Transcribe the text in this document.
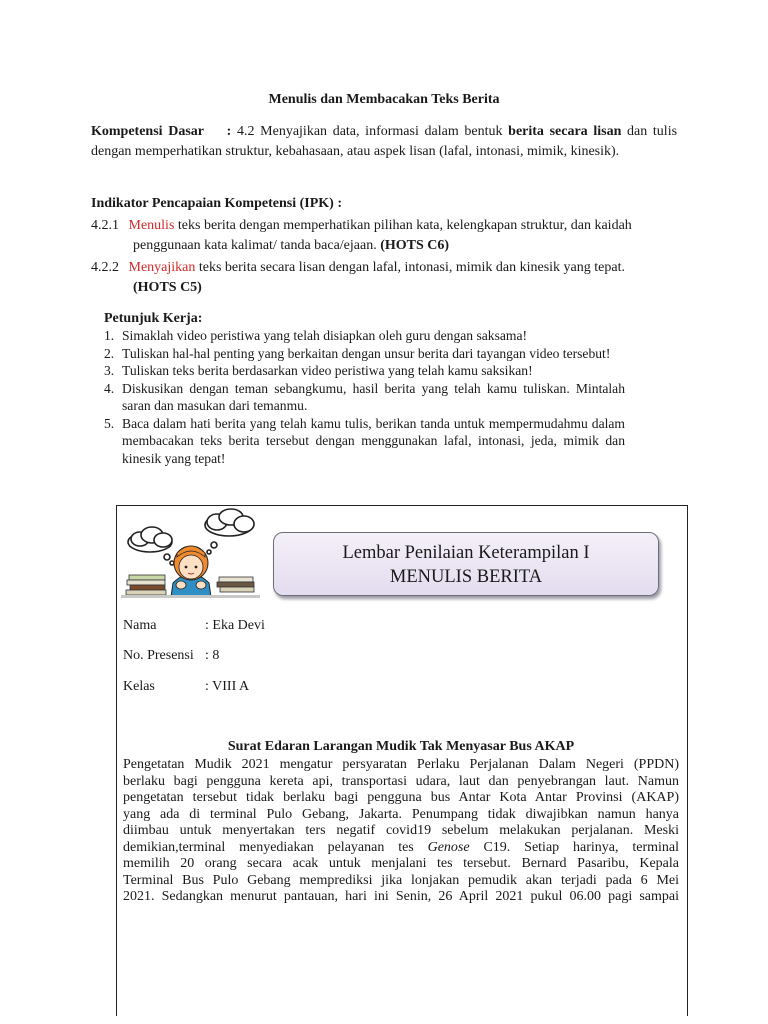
Menulis dan Membacakan Teks Berita
Kompetensi Dasar : 4.2 Menyajikan data, informasi dalam bentuk berita secara lisan dan tulis dengan memperhatikan struktur, kebahasaan, atau aspek lisan (lafal, intonasi, mimik, kinesik).
Indikator Pencapaian Kompetensi (IPK) :
4.2.1 Menulis teks berita dengan memperhatikan pilihan kata, kelengkapan struktur, dan kaidah
penggunaan kata kalimat/ tanda baca/ejaan. (HOTS C6)
4.2.2 Menyajikan teks berita secara lisan dengan lafal, intonasi, mimik dan kinesik yang tepat.
(HOTS C5)
Petunjuk Kerja:
1. Simaklah video peristiwa yang telah disiapkan oleh guru dengan saksama!
2. Tuliskan hal-hal penting yang berkaitan dengan unsur berita dari tayangan video tersebut!
3. Tuliskan teks berita berdasarkan video peristiwa yang telah kamu saksikan!
4. Diskusikan dengan teman sebangkumu, hasil berita yang telah kamu tuliskan. Mintalah saran dan masukan dari temanmu.
5. Baca dalam hati berita yang telah kamu tulis, berikan tanda untuk mempermudahmu dalam membacakan teks berita tersebut dengan menggunakan lafal, intonasi, jeda, mimik dan kinesik yang tepat!
Lembar Penilaian Keterampilan I
MENULIS BERITA
Nama	: Eka Devi
No. Presensi : 8
Kelas	: VIII A
Surat Edaran Larangan Mudik Tak Menyasar Bus AKAP
Pengetatan Mudik 2021 mengatur persyaratan Perlaku Perjalanan Dalam Negeri (PPDN)
berlaku bagi pengguna kereta api, transportasi udara, laut dan penyebrangan laut. Namun
pengetatan tersebut tidak berlaku bagi pengguna bus Antar Kota Antar Provinsi (AKAP)
yang ada di terminal Pulo Gebang, Jakarta. Penumpang tidak diwajibkan namun hanya
diimbau untuk menyertakan ters negatif covid19 sebelum melakukan perjalanan. Meski
demikian,terminal menyediakan pelayanan tes Genose C19. Setiap harinya, terminal
memilih 20 orang secara acak untuk menjalani tes tersebut. Bernard Pasaribu, Kepala
Terminal Bus Pulo Gebang memprediksi jika lonjakan pemudik akan terjadi pada 6 Mei
2021. Sedangkan menurut pantauan, hari ini Senin, 26 April 2021 pukul 06.00 pagi sampai
